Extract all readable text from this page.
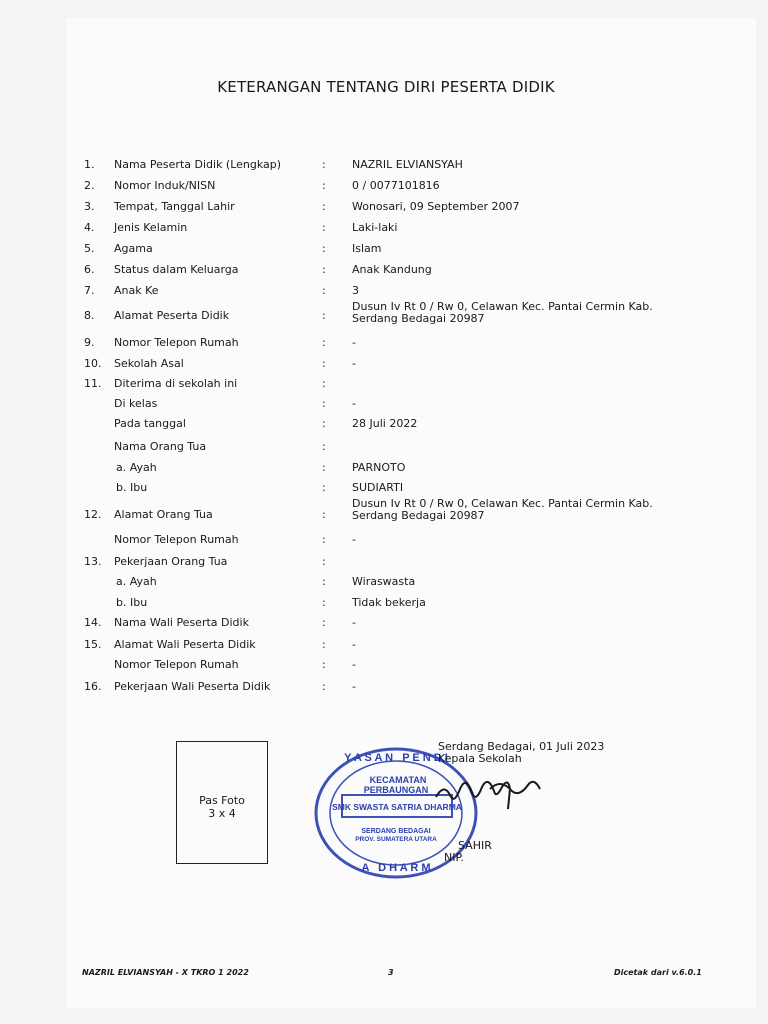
KETERANGAN TENTANG DIRI PESERTA DIDIK
1. Nama Peserta Didik (Lengkap)	: NAZRIL ELVIANSYAH
2. Nomor Induk/NISN	: 0 / 0077101816
3. Tempat, Tanggal Lahir	: Wonosari, 09 September 2007
4. Jenis Kelamin	: Laki-laki
5. Agama	: Islam
6. Status dalam Keluarga	: Anak Kandung
7. Anak Ke	: 3
8. Alamat Peserta Didik	:
Dusun Iv Rt 0 / Rw 0, Celawan Kec. Pantai Cermin Kab. Serdang Bedagai 20987
9. Nomor Telepon Rumah	: -
10. Sekolah Asal	: -
11. Diterima di sekolah ini	:
Di kelas	: -
Pada tanggal	: 28 Juli 2022
Nama Orang Tua	:
a. Ayah	: PARNOTO
b. Ibu	: SUDIARTI
12. Alamat Orang Tua	:
Dusun Iv Rt 0 / Rw 0, Celawan Kec. Pantai Cermin Kab. Serdang Bedagai 20987
Nomor Telepon Rumah	: -
13. Pekerjaan Orang Tua	:
a. Ayah	: Wiraswasta
b. Ibu	: Tidak bekerja
14. Nama Wali Peserta Didik	: -
15. Alamat Wali Peserta Didik	: -
Nomor Telepon Rumah	: -
16. Pekerjaan Wali Peserta Didik	: -
Pas Foto
3 x 4
Y A S A N   P E N D I
KECAMATAN
PERBAUNGAN
SMK SWASTA SATRIA DHARMA
SERDANG BEDAGAI
PROV. SUMATERA UTARA
A   D H A R M
Serdang Bedagai, 01 Juli 2023
Kepala Sekolah
SAHIR
NIP.
NAZRIL ELVIANSYAH - X TKRO 1 2022	3	Dicetak dari v.6.0.1
